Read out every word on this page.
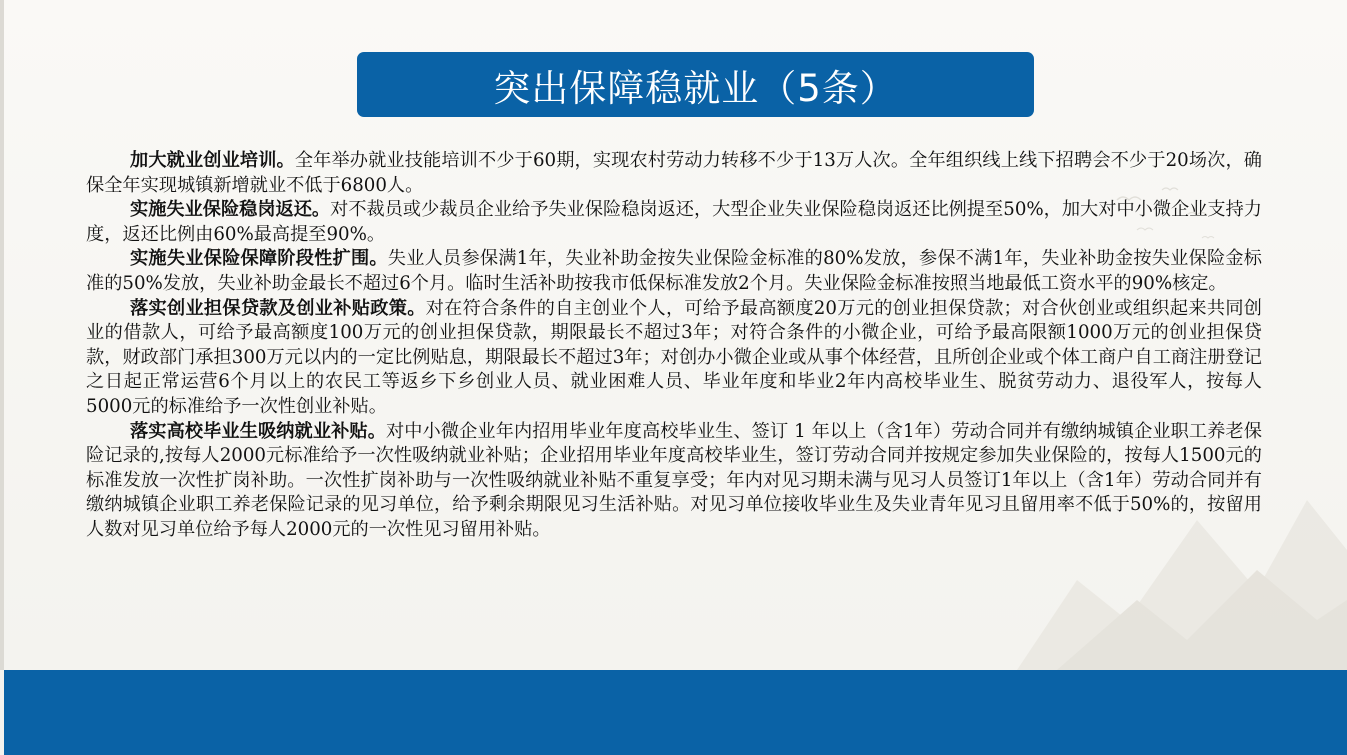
突出保障稳就业（5条）

加大就业创业培训。全年举办就业技能培训不少于60期，实现农村劳动力转移不少于13万人次。全年组织线上线下招聘会不少于20场次，确保全年实现城镇新增就业不低于6800人。

实施失业保险稳岗返还。对不裁员或少裁员企业给予失业保险稳岗返还，大型企业失业保险稳岗返还比例提至50%，加大对中小微企业支持力度，返还比例由60%最高提至90%。

实施失业保险保障阶段性扩围。失业人员参保满1年，失业补助金按失业保险金标准的80%发放，参保不满1年，失业补助金按失业保险金标准的50%发放，失业补助金最长不超过6个月。临时生活补助按我市低保标准发放2个月。失业保险金标准按照当地最低工资水平的90%核定。

落实创业担保贷款及创业补贴政策。对在符合条件的自主创业个人，可给予最高额度20万元的创业担保贷款；对合伙创业或组织起来共同创业的借款人，可给予最高额度100万元的创业担保贷款，期限最长不超过3年；对符合条件的小微企业，可给予最高限额1000万元的创业担保贷款，财政部门承担300万元以内的一定比例贴息，期限最长不超过3年；对创办小微企业或从事个体经营，且所创企业或个体工商户自工商注册登记之日起正常运营6个月以上的农民工等返乡下乡创业人员、就业困难人员、毕业年度和毕业2年内高校毕业生、脱贫劳动力、退役军人，按每人5000元的标准给予一次性创业补贴。

落实高校毕业生吸纳就业补贴。对中小微企业年内招用毕业年度高校毕业生、签订 1 年以上（含1年）劳动合同并有缴纳城镇企业职工养老保险记录的,按每人2000元标准给予一次性吸纳就业补贴；企业招用毕业年度高校毕业生，签订劳动合同并按规定参加失业保险的，按每人1500元的标准发放一次性扩岗补助。一次性扩岗补助与一次性吸纳就业补贴不重复享受；年内对见习期未满与见习人员签订1年以上（含1年）劳动合同并有缴纳城镇企业职工养老保险记录的见习单位，给予剩余期限见习生活补贴。对见习单位接收毕业生及失业青年见习且留用率不低于50%的，按留用人数对见习单位给予每人2000元的一次性见习留用补贴。
